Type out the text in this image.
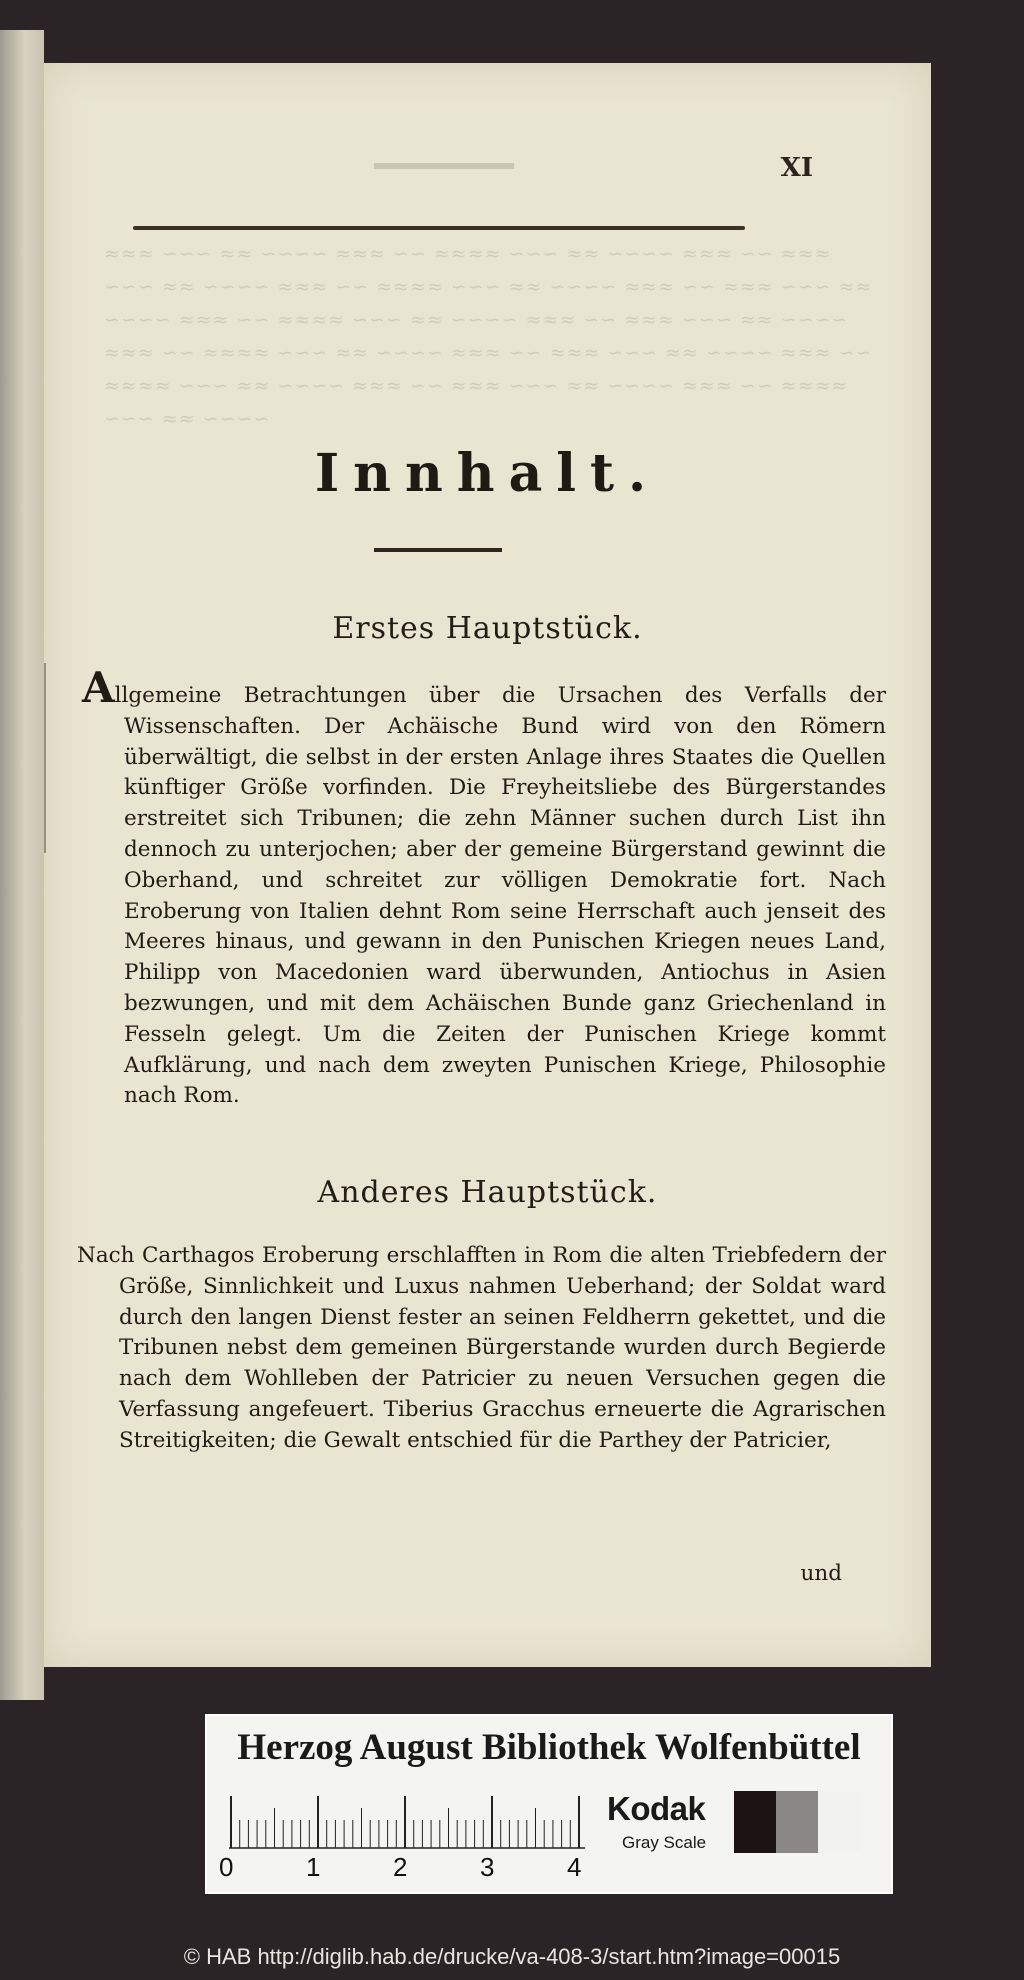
XI
≈≈≈ ∽∽∽ ≈≈ ∽∽∽∽ ≈≈≈ ∽∽ ≈≈≈≈ ∽∽∽ ≈≈ ∽∽∽∽ ≈≈≈ ∽∽ ≈≈≈ ∽∽∽ ≈≈ ∽∽∽∽ ≈≈≈ ∽∽ ≈≈≈≈ ∽∽∽ ≈≈ ∽∽∽∽ ≈≈≈ ∽∽ ≈≈≈ ∽∽∽ ≈≈ ∽∽∽∽ ≈≈≈ ∽∽ ≈≈≈≈ ∽∽∽ ≈≈ ∽∽∽∽ ≈≈≈ ∽∽ ≈≈≈ ∽∽∽ ≈≈ ∽∽∽∽ ≈≈≈ ∽∽ ≈≈≈≈ ∽∽∽ ≈≈ ∽∽∽∽ ≈≈≈ ∽∽ ≈≈≈ ∽∽∽ ≈≈ ∽∽∽∽ ≈≈≈ ∽∽ ≈≈≈≈ ∽∽∽ ≈≈ ∽∽∽∽ ≈≈≈ ∽∽ ≈≈≈ ∽∽∽ ≈≈ ∽∽∽∽ ≈≈≈ ∽∽ ≈≈≈≈ ∽∽∽ ≈≈ ∽∽∽∽
Innhalt.
Erstes Hauptstück.
Allgemeine Betrachtungen über die Ursachen des Verfalls der Wissenschaften. Der Achäische Bund wird von den Römern überwältigt, die selbst in der ersten Anlage ihres Staates die Quellen künftiger Größe vorfinden. Die Freyheitsliebe des Bürgerstandes erstreitet sich Tribunen; die zehn Männer suchen durch List ihn dennoch zu unterjochen; aber der gemeine Bürgerstand gewinnt die Oberhand, und schreitet zur völligen Demokratie fort. Nach Eroberung von Italien dehnt Rom seine Herrschaft auch jenseit des Meeres hinaus, und gewann in den Punischen Kriegen neues Land, Philipp von Macedonien ward überwunden, Antiochus in Asien bezwungen, und mit dem Achäischen Bunde ganz Griechenland in Fesseln gelegt. Um die Zeiten der Punischen Kriege kommt Aufklärung, und nach dem zweyten Punischen Kriege, Philosophie nach Rom.
Anderes Hauptstück.
Nach Carthagos Eroberung erschlafften in Rom die alten Triebfedern der Größe, Sinnlichkeit und Luxus nahmen Ueberhand; der Soldat ward durch den langen Dienst fester an seinen Feldherrn gekettet, und die Tribunen nebst dem gemeinen Bürgerstande wurden durch Begierde nach dem Wohlleben der Patricier zu neuen Versuchen gegen die Verfassung angefeuert. Tiberius Gracchus erneuerte die Agrarischen Streitigkeiten; die Gewalt entschied für die Parthey der Patricier,
und
Herzog August Bibliothek Wolfenbüttel
0	1	2	3	4
Kodak
Gray Scale
© HAB http://diglib.hab.de/drucke/va-408-3/start.htm?image=00015
